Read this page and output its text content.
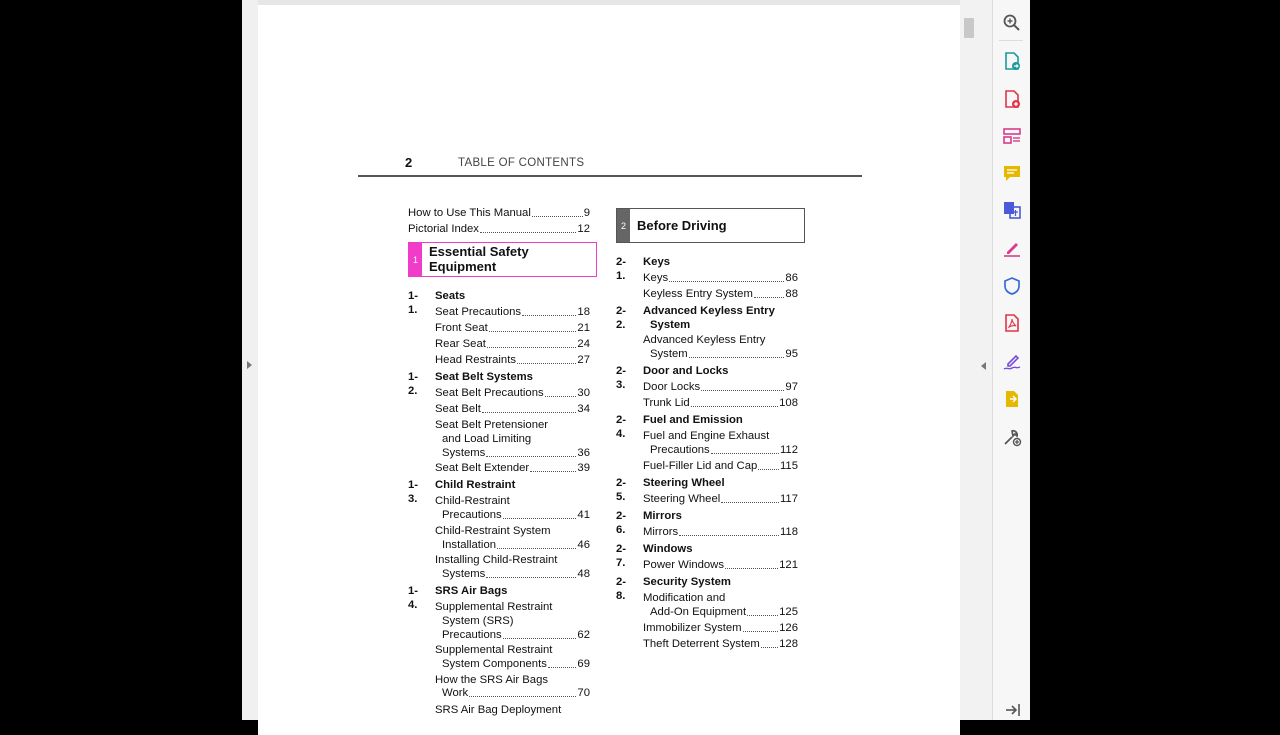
2	TABLE OF CONTENTS
How to Use This Manual	9
Pictorial Index	12
1
Essential Safety
Equipment
1-1.
Seats
Seat Precautions	18
Front Seat	21
Rear Seat	24
Head Restraints	27
1-2.
Seat Belt Systems
Seat Belt Precautions	30
Seat Belt	34
Seat Belt Pretensioner
and Load Limiting
Systems	36
Seat Belt Extender	39
1-3.
Child Restraint
Child-Restraint
Precautions	41
Child-Restraint System
Installation	46
Installing Child-Restraint
Systems	48
1-4.
SRS Air Bags
Supplemental Restraint
System (SRS)
Precautions	62
Supplemental Restraint
System Components	69
How the SRS Air Bags
Work	70
SRS Air Bag Deployment
2 Before Driving
2-1.
Keys
Keys	86
Keyless Entry System	88
2-2.
Advanced Keyless Entry
System
Advanced Keyless Entry
System	95
2-3.
Door and Locks
Door Locks	97
Trunk Lid	108
2-4.
Fuel and Emission
Fuel and Engine Exhaust
Precautions	112
Fuel-Filler Lid and Cap 115
2-5.
Steering Wheel
Steering Wheel	117
2-6.
Mirrors
Mirrors	118
2-7.
Windows
Power Windows	121
2-8.
Security System
Modification and
Add-On Equipment	125
Immobilizer System	126
Theft Deterrent System 128
